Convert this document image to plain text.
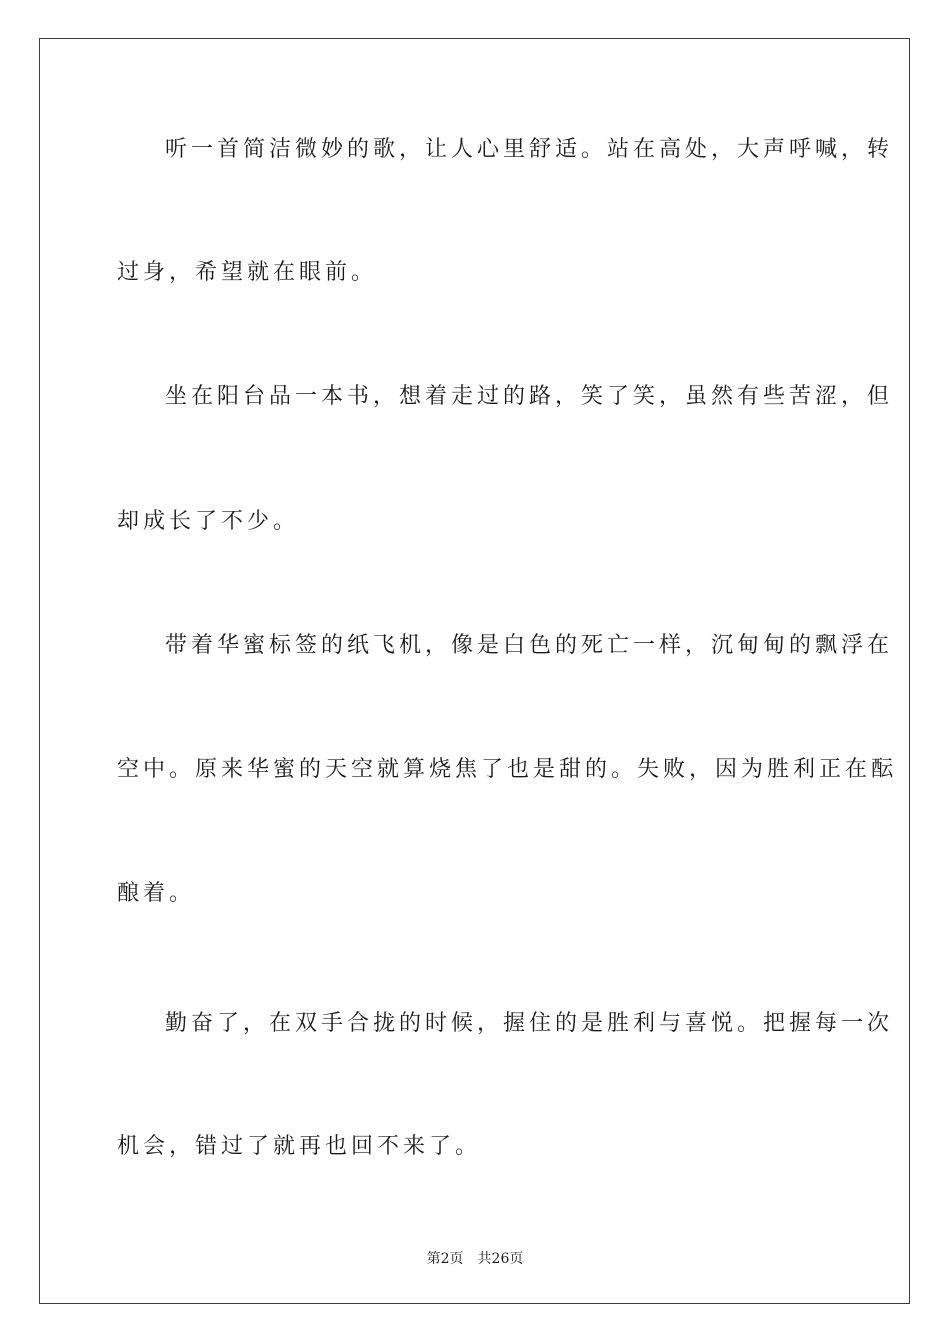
听一首简洁微妙的歌，让人心里舒适。站在高处，大声呼喊，转
过身，希望就在眼前。
坐在阳台品一本书，想着走过的路，笑了笑，虽然有些苦涩，但
却成长了不少。
带着华蜜标签的纸飞机，像是白色的死亡一样，沉甸甸的飘浮在
空中。原来华蜜的天空就算烧焦了也是甜的。失败，因为胜利正在酝
酿着。
勤奋了，在双手合拢的时候，握住的是胜利与喜悦。把握每一次
机会，错过了就再也回不来了。
第2页 共26页
